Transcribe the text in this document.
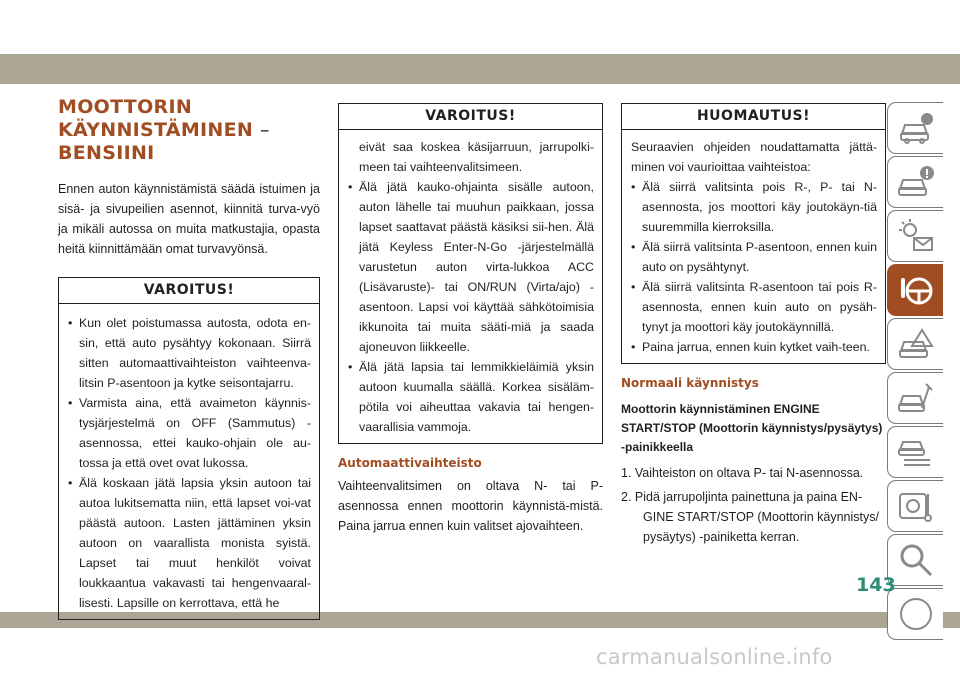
MOOTTORIN
KÄYNNISTÄMINEN –
BENSIINI

Ennen auton käynnistämistä säädä istuimen ja sisä- ja sivupeilien asennot, kiinnitä turva-vyö ja mikäli autossa on muita matkustajia, opasta heitä kiinnittämään omat turvavyönsä.

VAROITUS!
• Kun olet poistumassa autosta, odota en-sin, että auto pysähtyy kokonaan. Siirrä sitten automaattivaihteiston vaihteenva-litsin P-asentoon ja kytke seisontajarru.
• Varmista aina, että avaimeton käynnis-tysjärjestelmä on OFF (Sammutus) -asennossa, ettei kauko-ohjain ole au-tossa ja että ovet ovat lukossa.
• Älä koskaan jätä lapsia yksin autoon tai autoa lukitsematta niin, että lapset voi-vat päästä autoon. Lasten jättäminen yksin autoon on vaarallista monista syistä. Lapset tai muut henkilöt voivat loukkaantua vakavasti tai hengenvaaral-lisesti. Lapsille on kerrottava, että he
VAROITUS!
eivät saa koskea käsijarruun, jarrupolki-meen tai vaihteenvalitsimeen.
• Älä jätä kauko-ohjainta sisälle autoon, auton lähelle tai muuhun paikkaan, jossa lapset saattavat päästä käsiksi sii-hen. Älä jätä Keyless Enter-N-Go -järjestelmällä varustetun auton virta-lukkoa ACC (Lisävaruste)- tai ON/RUN (Virta/ajo) -asentoon. Lapsi voi käyttää sähkötoimisia ikkunoita tai muita sääti-miä ja saada ajoneuvon liikkeelle.
• Älä jätä lapsia tai lemmikkieläimiä yksin autoon kuumalla säällä. Korkea sisäläm-pötila voi aiheuttaa vakavia tai hengen-vaarallisia vammoja.
Automaattivaihteisto

Vaihteenvalitsimen on oltava N- tai P-asennossa ennen moottorin käynnistä-mistä. Paina jarrua ennen kuin valitset ajovaihteen.

HUOMAUTUS!

Seuraavien ohjeiden noudattamatta jättä-minen voi vaurioittaa vaihteistoa:

• Älä siirrä valitsinta pois R-, P- tai N-asennosta, jos moottori käy joutokäyn-tiä suuremmilla kierroksilla.
• Älä siirrä valitsinta P-asentoon, ennen kuin auto on pysähtynyt.
• Älä siirrä valitsinta R-asentoon tai pois R-asennosta, ennen kuin auto on pysäh-tynyt ja moottori käy joutokäynnillä.
• Paina jarrua, ennen kuin kytket vaih-teen.
Normaali käynnistys
Moottorin käynnistäminen ENGINE START/STOP (Moottorin käynnistys/pysäytys) -painikkeella
1. Vaihteiston on oltava P- tai N-asennossa.
2. Pidä jarrupoljinta painettuna ja paina EN-GINE START/STOP (Moottorin käynnistys/ pysäytys) -painiketta kerran.
143
carmanualsonline.info
